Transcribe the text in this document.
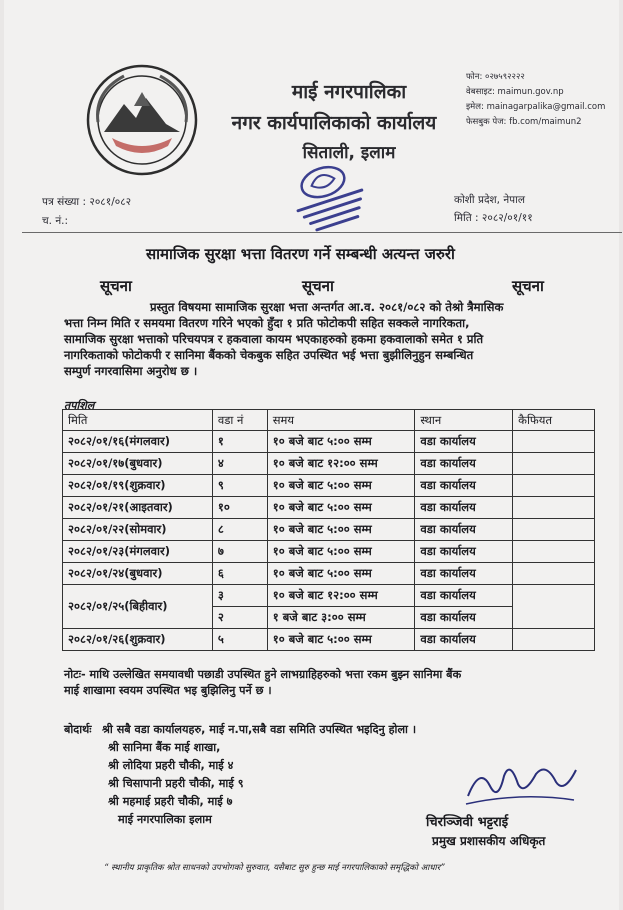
माई नगरपालिका
नगर कार्यपालिकाको कार्यालय
सिताली, इलाम
फोन: ०२७५९२२२२
वेबसाइट: maimun.gov.np
इमेल: mainagarpalika@gmail.com
फेसबुक पेज: fb.com/maimun2
पत्र संख्या : २०८१/०८२
च. नं.:
कोशी प्रदेश, नेपाल
मिति : २०८२/०१/११
सामाजिक सुरक्षा भत्ता वितरण गर्ने सम्बन्धी अत्यन्त जरुरी
सूचना	सूचना	सूचना
प्रस्तुत विषयमा सामाजिक सुरक्षा भत्ता अन्तर्गत आ.व. २०८१/०८२ को तेश्रो त्रैमासिक
भत्ता निम्न मिति र समयमा वितरण गरिने भएको हुँदा १ प्रति फोटोकपी सहित सक्कले नागरिकता,
सामाजिक सुरक्षा भत्ताको परिचयपत्र र हकवाला कायम भएकाहरुको हकमा हकवालाको समेत १ प्रति
नागरिकताको फोटोकपी र सानिमा बैंकको चेकबुक सहित उपस्थित भई भत्ता बुझीलिनुहुन सम्बन्धित
सम्पुर्ण नगरवासिमा अनुरोध छ ।
तपशिल
मिति	वडा नं	समय	स्थान	कैफियत
२०८२/०१/१६(मंगलवार)	१	१० बजे बाट ५:०० सम्म	वडा कार्यालय	
२०८२/०१/१७(बुधवार)	४	१० बजे बाट १२:०० सम्म	वडा कार्यालय	
२०८२/०१/१९(शुक्रवार)	९	१० बजे बाट ५:०० सम्म	वडा कार्यालय	
२०८२/०१/२१(आइतवार)	१०	१० बजे बाट ५:०० सम्म	वडा कार्यालय	
२०८२/०१/२२(सोमवार)	८	१० बजे बाट ५:०० सम्म	वडा कार्यालय	
२०८२/०१/२३(मंगलवार)	७	१० बजे बाट ५:०० सम्म	वडा कार्यालय	
२०८२/०१/२४(बुधवार)	६	१० बजे बाट ५:०० सम्म	वडा कार्यालय	
२०८२/०१/२५(बिहीवार)	३	१० बजे बाट १२:०० सम्म	वडा कार्यालय	
	२	१ बजे बाट ३:०० सम्म	वडा कार्यालय	
२०८२/०१/२६(शुक्रवार)	५	१० बजे बाट ५:०० सम्म	वडा कार्यालय	
नोटः- माथि उल्लेखित समयावधी पछाडी उपस्थित हुने लाभग्राहिहरुको भत्ता रकम बुझ्न सानिमा बैंक
माई शाखामा स्वयम उपस्थित भइ बुझिलिनु पर्ने छ ।
बोदार्थः श्री सबै वडा कार्यालयहरु, माई न.पा,सबै वडा समिति उपस्थित भइदिनु होला ।
श्री सानिमा बैंक माई शाखा,
श्री लोदिया प्रहरी चौकी, माई ४
श्री चिसापानी प्रहरी चौकी, माई ९
श्री महमाई प्रहरी चौकी, माई ७
माई नगरपालिका इलाम	चिरञ्जिवी भट्टराई
प्रमुख प्रशासकीय अधिकृत
“ स्थानीय प्राकृतिक श्रोत साधनको उपभोगको सुरुवात, यसैबाट सुरु हुन्छ माई नगरपालिकाको समृद्धिको आधार”
